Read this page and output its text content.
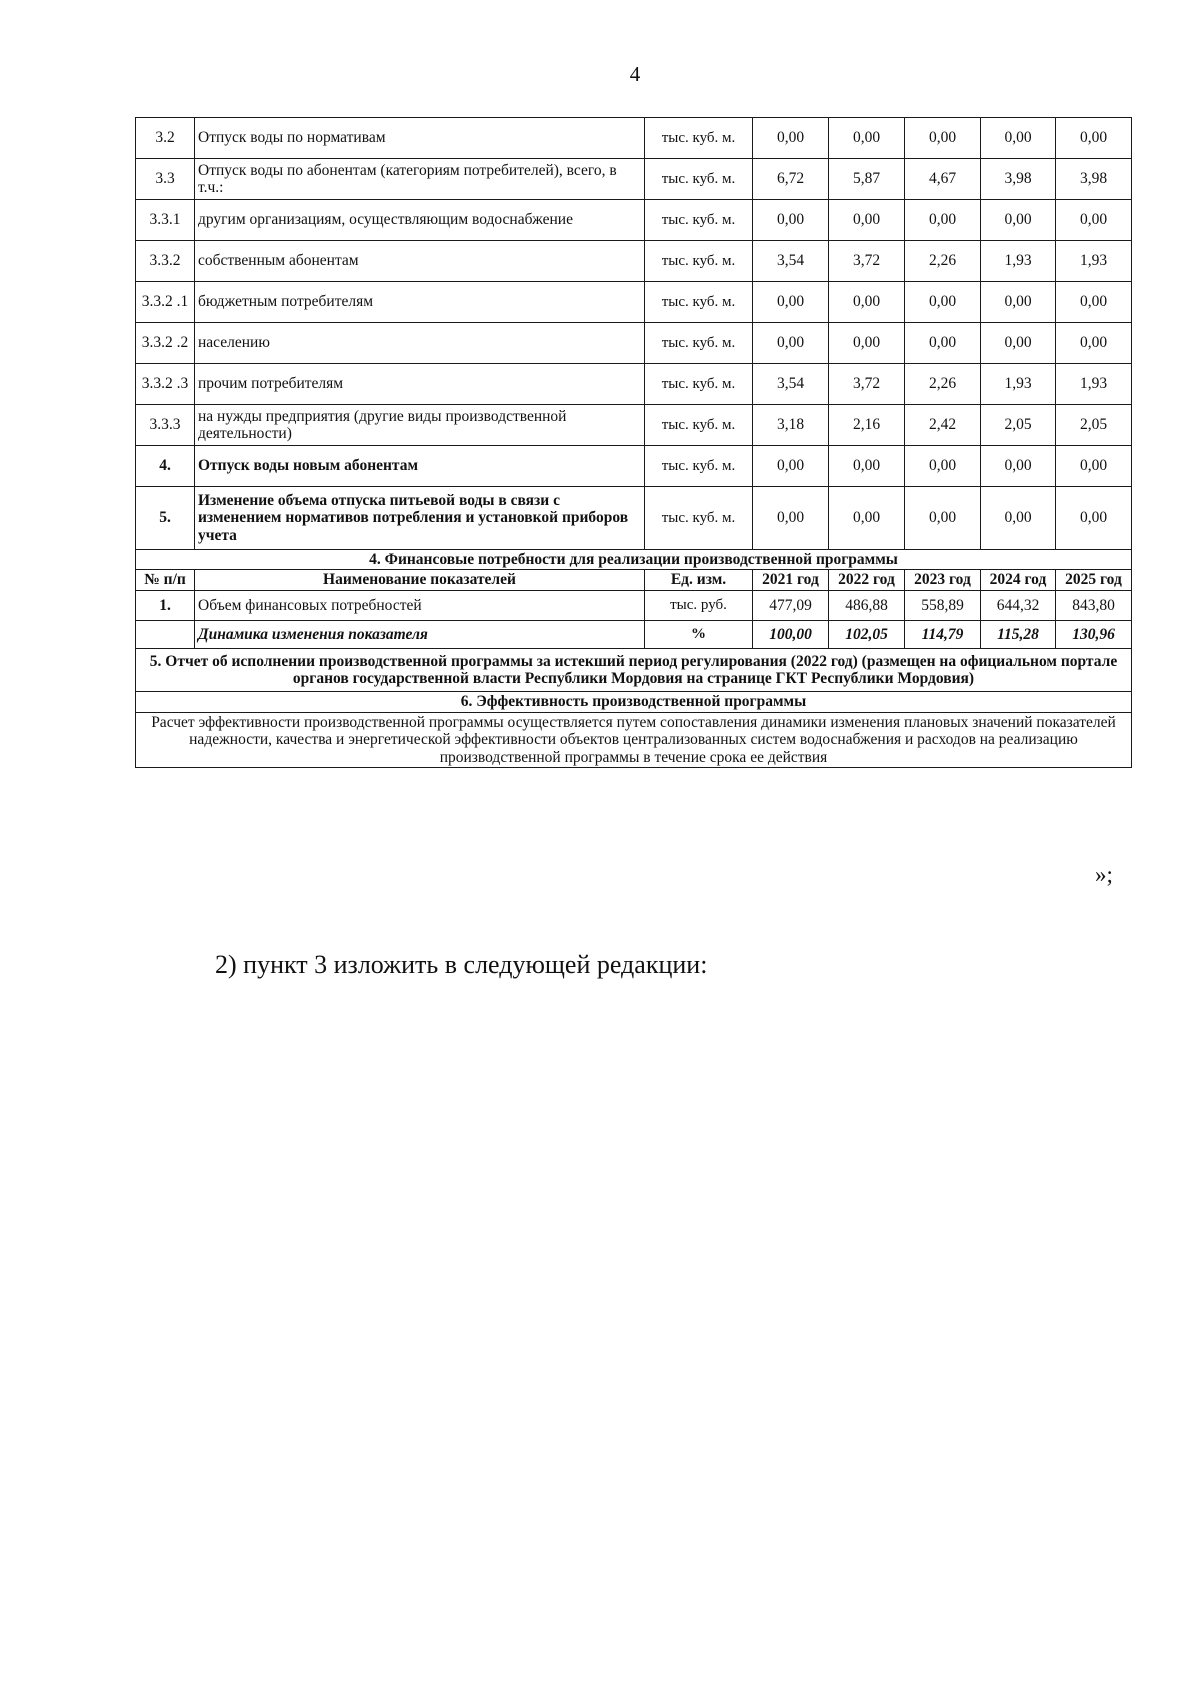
4
3.2	Отпуск воды по нормативам	тыс. куб. м.	0,00	0,00	0,00	0,00	0,00
3.3	Отпуск воды по абонентам (категориям потребителей), всего, в т.ч.:	тыс. куб. м.	6,72	5,87	4,67	3,98	3,98
3.3.1	другим организациям, осуществляющим водоснабжение	тыс. куб. м.	0,00	0,00	0,00	0,00	0,00
3.3.2	собственным абонентам	тыс. куб. м.	3,54	3,72	2,26	1,93	1,93
3.3.2 .1	бюджетным потребителям	тыс. куб. м.	0,00	0,00	0,00	0,00	0,00
3.3.2 .2	населению	тыс. куб. м.	0,00	0,00	0,00	0,00	0,00
3.3.2 .3	прочим потребителям	тыс. куб. м.	3,54	3,72	2,26	1,93	1,93
3.3.3	на нужды предприятия (другие виды производственной деятельности)	тыс. куб. м.	3,18	2,16	2,42	2,05	2,05
4.	Отпуск воды новым абонентам	тыс. куб. м.	0,00	0,00	0,00	0,00	0,00
5.	Изменение объема отпуска питьевой воды в связи с изменением нормативов потребления и установкой приборов учета	тыс. куб. м.	0,00	0,00	0,00	0,00	0,00
4. Финансовые потребности для реализации производственной программы							
№ п/п	Наименование показателей	Ед. изм.	2021 год	2022 год	2023 год	2024 год	2025 год
1.	Объем финансовых потребностей	тыс. руб.	477,09	486,88	558,89	644,32	843,80
	Динамика изменения показателя	%	100,00	102,05	114,79	115,28	130,96
5. Отчет об исполнении производственной программы за истекший период регулирования (2022 год) (размещен на официальном портале органов государственной власти Республики Мордовия на странице ГКТ Республики Мордовия)							
6. Эффективность производственной программы							
Расчет эффективности производственной программы осуществляется путем сопоставления динамики изменения плановых значений показателей надежности, качества и энергетической эффективности объектов централизованных систем водоснабжения и расходов на реализацию производственной программы в течение срока ее действия							
»;
2) пункт 3 изложить в следующей редакции:
